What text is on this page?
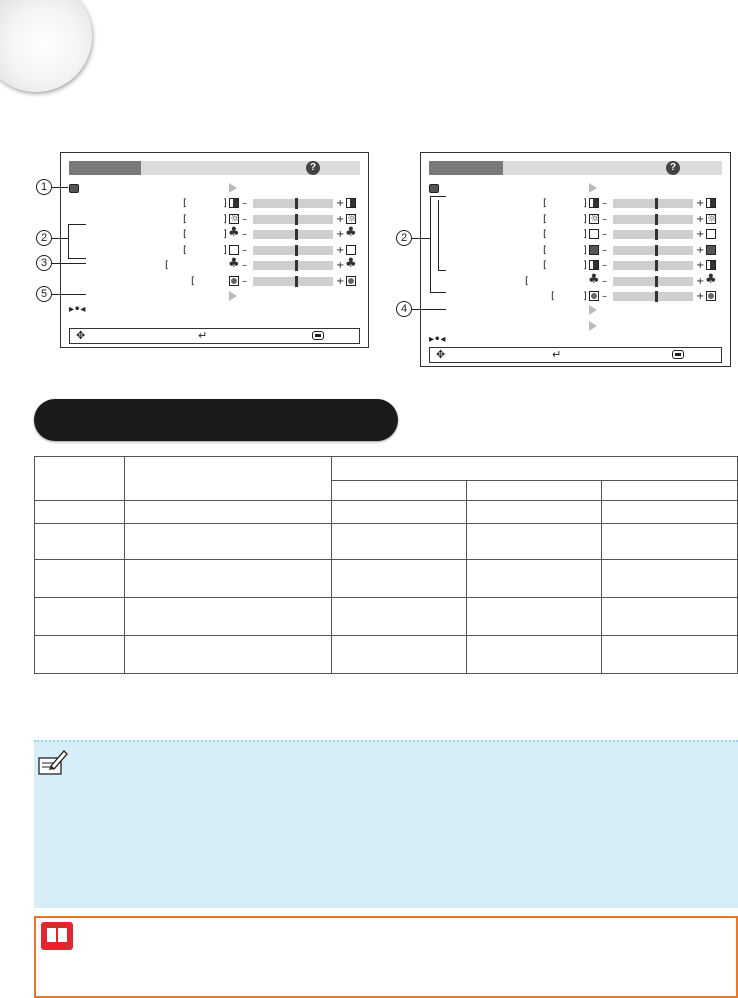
?
[	] –	+
[	] ☼ –	+
☼
[	] ♣ –	+
♣
[	] –	+
[ ♣	–	+
♣
[	–	+
▸•◂
✥	↵
1
2
3
5
?
[	] –	+
[	] ☼ –	+
☼
[	] –	+
[	] –	+
[	] –	+
[ ♣	–	+
♣
[	] –	+
▸•◂
✥	↵
2
4
